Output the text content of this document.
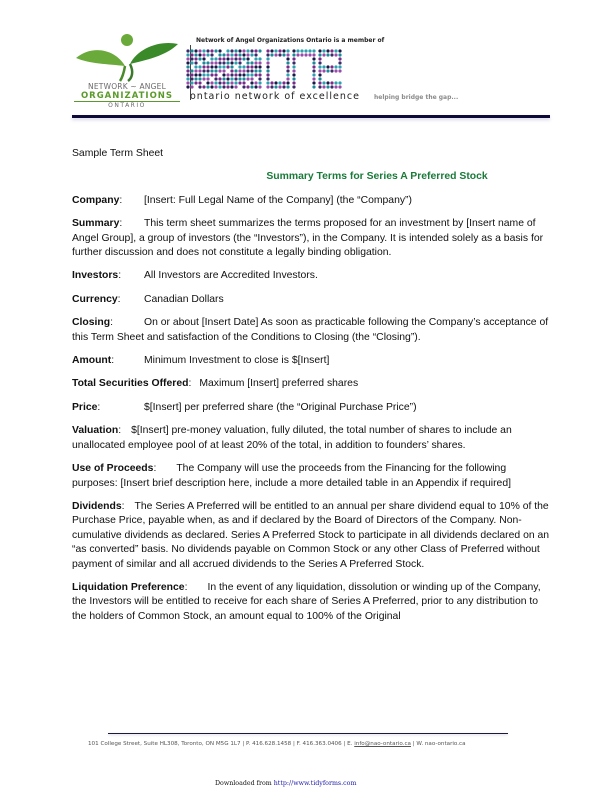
NETWORK ~ ANGEL
ORGANIZATIONS
ONTARIO
Network of Angel Organizations Ontario is a member of
ontario network of excellence helping bridge the gap...

Sample Term Sheet

Summary Terms for Series A Preferred Stock

Company: [Insert: Full Legal Name of the Company] (the “Company”)

Summary: This term sheet summarizes the terms proposed for an investment by [Insert name of Angel Group], a group of investors (the “Investors”), in the Company. It is intended solely as a basis for further discussion and does not constitute a legally binding obligation.

Investors: All Investors are Accredited Investors.

Currency: Canadian Dollars

Closing:	On or about [Insert Date] As soon as practicable following the Company’s acceptance of this Term Sheet and satisfaction of the Conditions to Closing (the “Closing”).

Amount:	Minimum Investment to close is $[Insert]

Total Securities Offered: Maximum [Insert] preferred shares

Price:	$[Insert] per preferred share (the “Original Purchase Price”)

Valuation: $[Insert] pre-money valuation, fully diluted, the total number of shares to include an unallocated employee pool of at least 20% of the total, in addition to founders’ shares.

Use of Proceeds: The Company will use the proceeds from the Financing for the following purposes: [Insert brief description here, include a more detailed table in an Appendix if required]

Dividends: The Series A Preferred will be entitled to an annual per share dividend equal to 10% of the Purchase Price, payable when, as and if declared by the Board of Directors of the Company. Non-cumulative dividends as declared. Series A Preferred Stock to participate in all dividends declared on an “as converted” basis. No dividends payable on Common Stock or any other Class of Preferred without payment of similar and all accrued dividends to the Series A Preferred Stock.

Liquidation Preference: In the event of any liquidation, dissolution or winding up of the Company, the Investors will be entitled to receive for each share of Series A Preferred, prior to any distribution to the holders of Common Stock, an amount equal to 100% of the Original

101 College Street, Suite HL308, Toronto, ON M5G 1L7 | P. 416.628.1458 | F. 416.363.0406 | E. info@nao-ontario.ca | W. nao-ontario.ca
Downloaded from http://www.tidyforms.com
